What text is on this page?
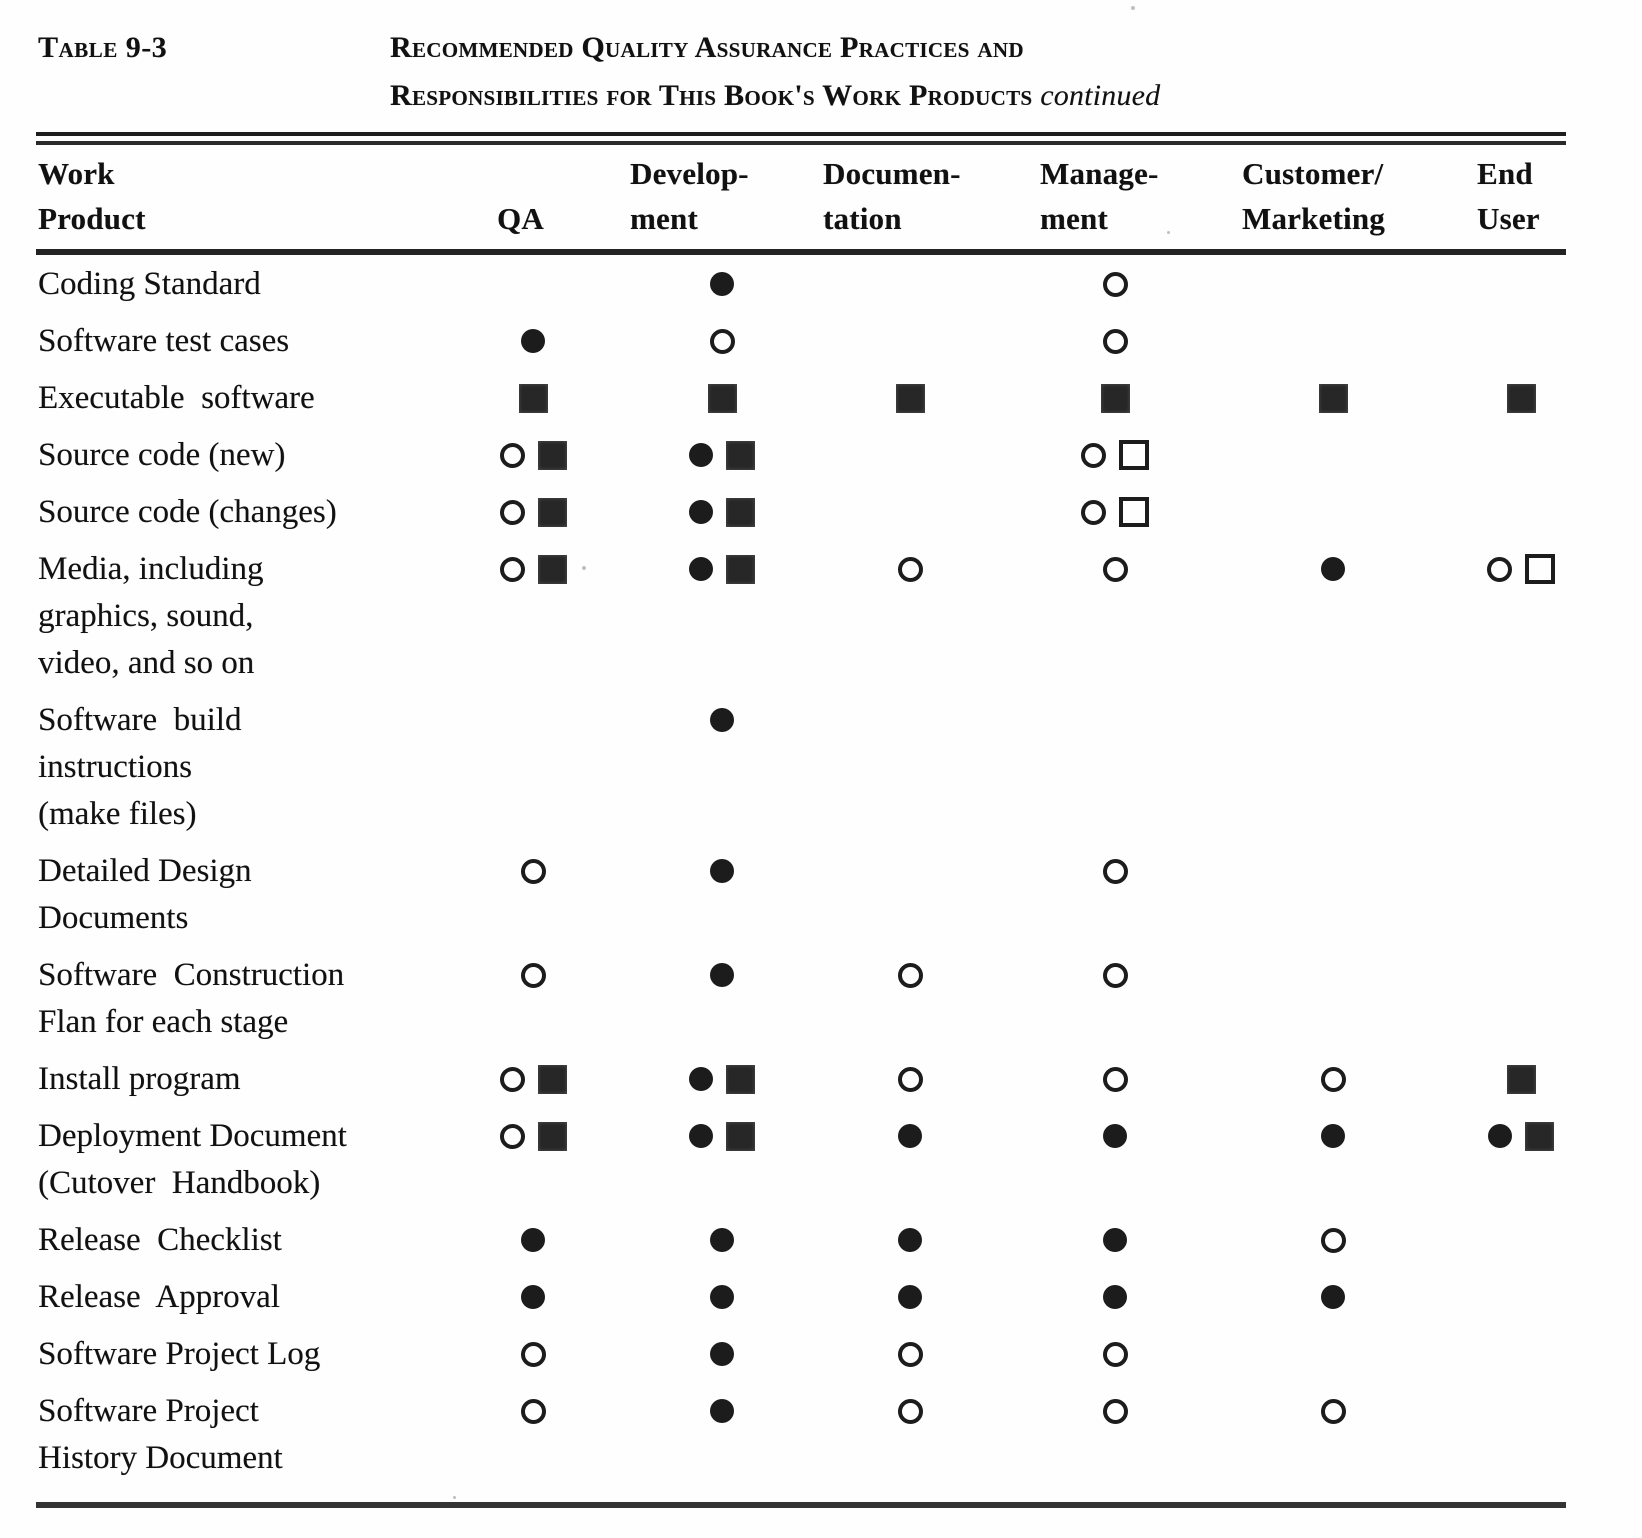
Table 9-3	Recommended Quality Assurance Practices and
Responsibilities for This Book's Work Products continued
Work
Product	QA
Develop-
ment
Documen-
tation
Manage-
ment
Customer/
Marketing
End
User
Coding Standard
Software test cases
Executable  software
Source code (new)
Source code (changes)
Media, including
graphics, sound,
video, and so on
Software  build
instructions
(make files)
Detailed Design
Documents
Software  Construction
Flan for each stage
Install program
Deployment Document
(Cutover  Handbook)
Release  Checklist
Release  Approval
Software Project Log
Software Project
History Document
